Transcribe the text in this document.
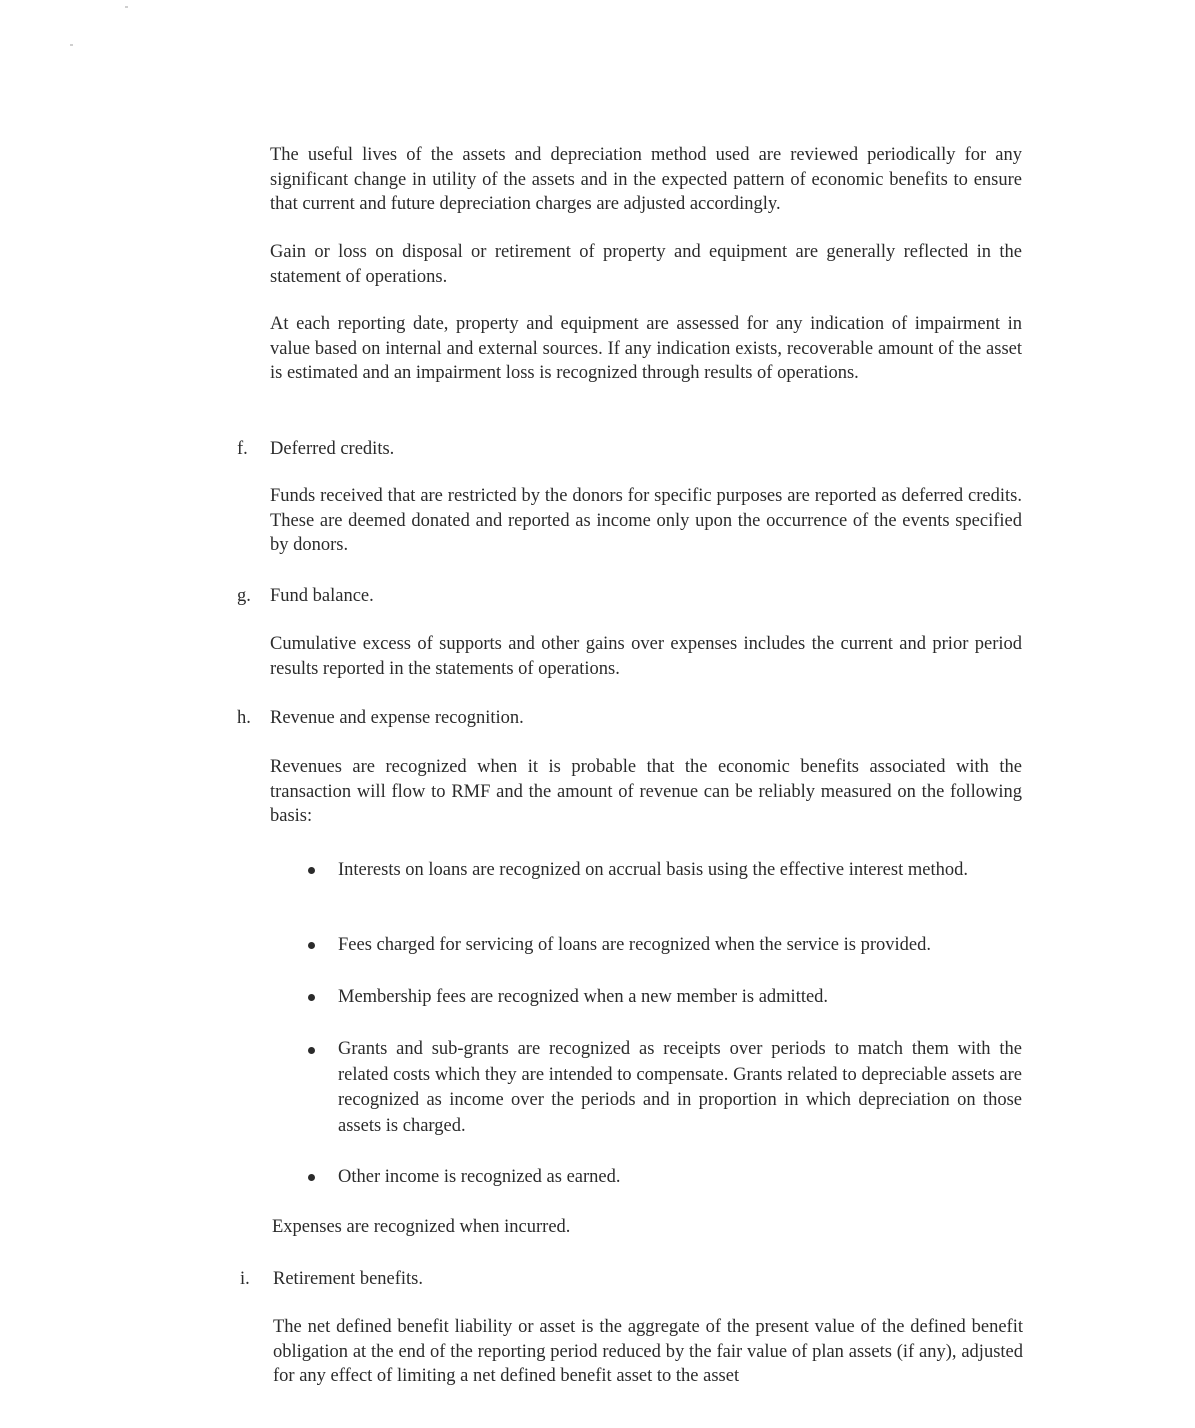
The useful lives of the assets and depreciation method used are reviewed periodically for any significant change in utility of the assets and in the expected pattern of economic benefits to ensure that current and future depreciation charges are adjusted accordingly.
Gain or loss on disposal or retirement of property and equipment are generally reflected in the statement of operations.
At each reporting date, property and equipment are assessed for any indication of impairment in value based on internal and external sources. If any indication exists, recoverable amount of the asset is estimated and an impairment loss is recognized through results of operations.
f. Deferred credits.
Funds received that are restricted by the donors for specific purposes are reported as deferred credits. These are deemed donated and reported as income only upon the occurrence of the events specified by donors.
g. Fund balance.
Cumulative excess of supports and other gains over expenses includes the current and prior period results reported in the statements of operations.
h. Revenue and expense recognition.
Revenues are recognized when it is probable that the economic benefits associated with the transaction will flow to RMF and the amount of revenue can be reliably measured on the following basis:
Interests on loans are recognized on accrual basis using the effective interest method.
Fees charged for servicing of loans are recognized when the service is provided.
Membership fees are recognized when a new member is admitted.
Grants and sub-grants are recognized as receipts over periods to match them with the related costs which they are intended to compensate. Grants related to depreciable assets are recognized as income over the periods and in proportion in which depreciation on those assets is charged.
Other income is recognized as earned.
Expenses are recognized when incurred.
i. Retirement benefits.
The net defined benefit liability or asset is the aggregate of the present value of the defined benefit obligation at the end of the reporting period reduced by the fair value of plan assets (if any), adjusted for any effect of limiting a net defined benefit asset to the asset
